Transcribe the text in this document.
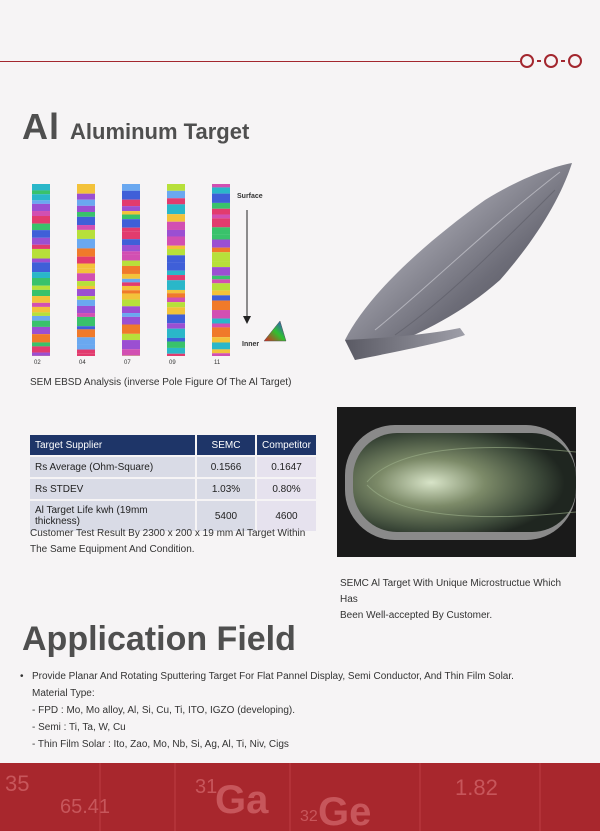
Al Aluminum Target
Surface
Inner
02	04	07	09	11
SEM EBSD Analysis (inverse Pole Figure Of The Al Target)
Target Supplier	SEMC	Competitor
Rs Average (Ohm-Square)	0.1566	0.1647
Rs STDEV	1.03%	0.80%
Al Target Life kwh (19mm thickness)	5400	4600
Customer Test Result By 2300 x 200 x 19 mm Al Target Within
The Same Equipment And Condition.
SEMC Al Target With Unique Microstructue Which Has
Been Well-accepted By Customer.
Application Field
• Provide Planar And Rotating Sputtering Target For Flat Pannel Display, Semi Conductor, And Thin Film Solar.
Material Type:
- FPD : Mo, Mo alloy, Al, Si, Cu, Ti, ITO, IGZO (developing).
- Semi : Ti, Ta, W, Cu
- Thin Film Solar : Ito, Zao, Mo, Nb, Si, Ag, Al, Ti, Niv, Cigs
35
65.41
31
Ga 32 Ge
1.82
